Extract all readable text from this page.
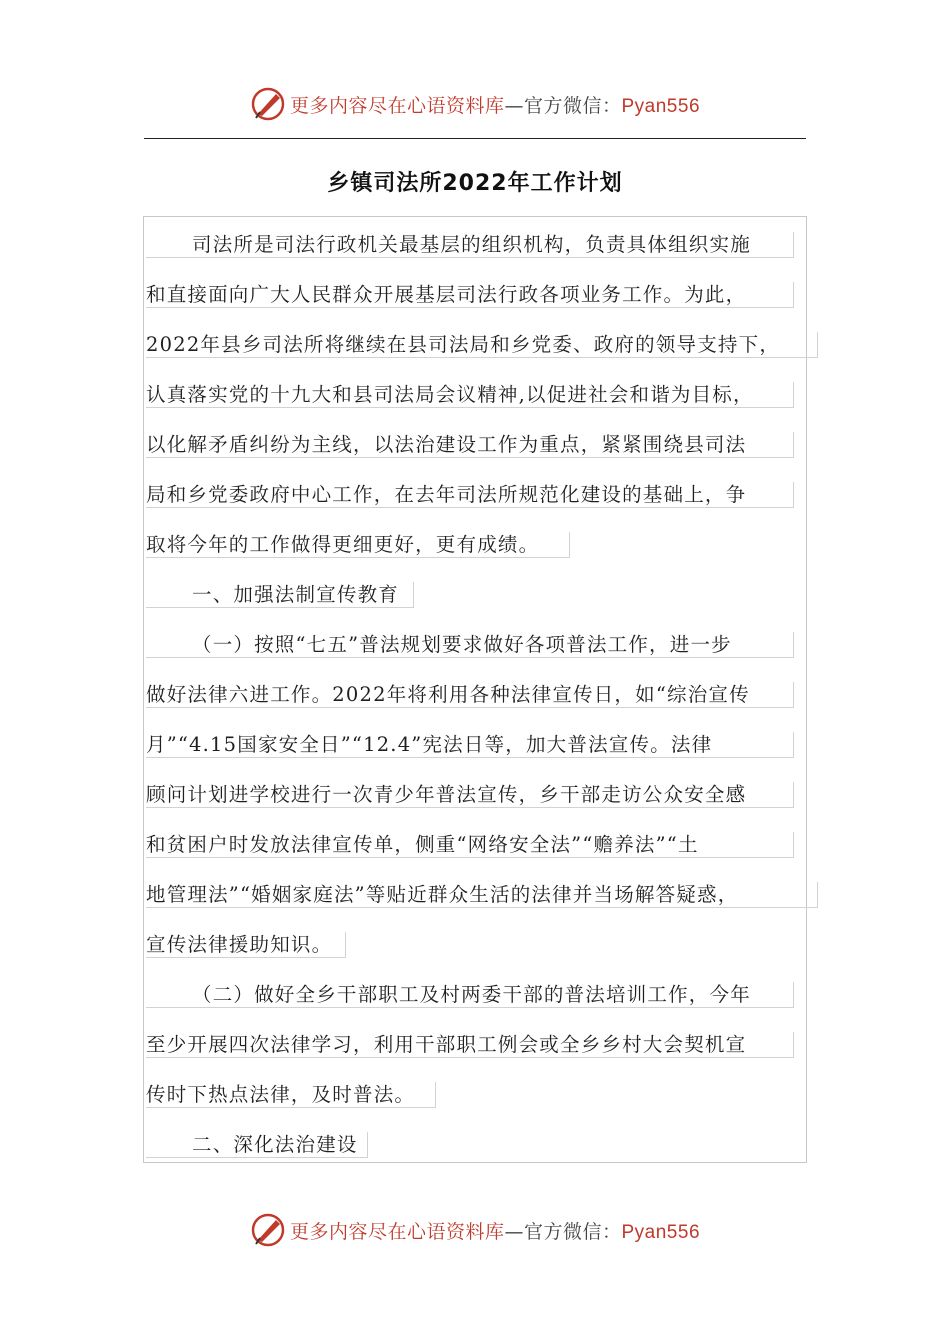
更多内容尽在心语资料库—官方微信：Pyan556
乡镇司法所2022年工作计划
司法所是司法行政机关最基层的组织机构，负责具体组织实施
和直接面向广大人民群众开展基层司法行政各项业务工作。为此，
2022年县乡司法所将继续在县司法局和乡党委、政府的领导支持下，
认真落实党的十九大和县司法局会议精神,以促进社会和谐为目标，
以化解矛盾纠纷为主线，以法治建设工作为重点，紧紧围绕县司法
局和乡党委政府中心工作，在去年司法所规范化建设的基础上，争
取将今年的工作做得更细更好，更有成绩。
一、加强法制宣传教育
（一）按照“七五”普法规划要求做好各项普法工作，进一步
做好法律六进工作。2022年将利用各种法律宣传日，如“综治宣传
月”“4.15国家安全日”“12.4”宪法日等，加大普法宣传。法律
顾问计划进学校进行一次青少年普法宣传，乡干部走访公众安全感
和贫困户时发放法律宣传单，侧重“网络安全法”“赡养法”“土
地管理法”“婚姻家庭法”等贴近群众生活的法律并当场解答疑惑，
宣传法律援助知识。
（二）做好全乡干部职工及村两委干部的普法培训工作，今年
至少开展四次法律学习，利用干部职工例会或全乡乡村大会契机宣
传时下热点法律，及时普法。
二、深化法治建设
更多内容尽在心语资料库—官方微信：Pyan556
